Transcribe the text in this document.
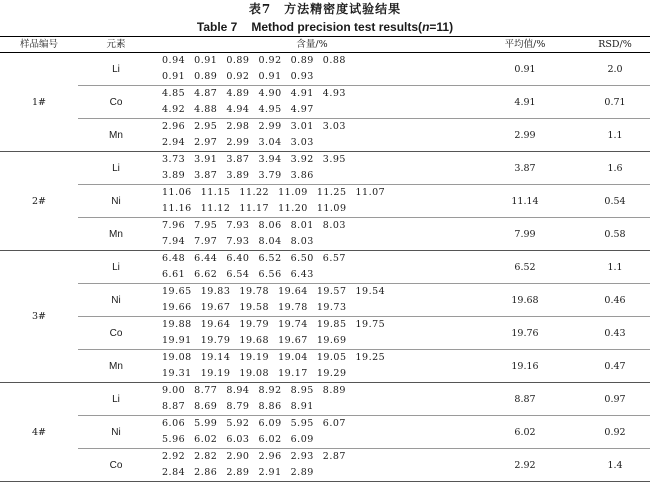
表7　方法精密度试验结果
Table 7 Method precision test results(n=11)
样品编号	元素	含量/%	平均值/%	RSD/%
1#	Li	0.94 0.91 0.89 0.92 0.89 0.88
0.91 0.89 0.92 0.91 0.93	0.91	2.0
	Co	4.85 4.87 4.89 4.90 4.91 4.93
4.92 4.88 4.94 4.95 4.97	4.91	0.71
	Mn	2.96 2.95 2.98 2.99 3.01 3.03
2.94 2.97 2.99 3.04 3.03	2.99	1.1
2#	Li	3.73 3.91 3.87 3.94 3.92 3.95
3.89 3.87 3.89 3.79 3.86	3.87	1.6
	Ni	11.06 11.15 11.22 11.09 11.25 11.07
11.16 11.12 11.17 11.20 11.09	11.14	0.54
	Mn	7.96 7.95 7.93 8.06 8.01 8.03
7.94 7.97 7.93 8.04 8.03	7.99	0.58
3#	Li	6.48 6.44 6.40 6.52 6.50 6.57
6.61 6.62 6.54 6.56 6.43	6.52	1.1
	Ni	19.65 19.83 19.78 19.64 19.57 19.54
19.66 19.67 19.58 19.78 19.73	19.68	0.46
	Co	19.88 19.64 19.79 19.74 19.85 19.75
19.91 19.79 19.68 19.67 19.69	19.76	0.43
	Mn	19.08 19.14 19.19 19.04 19.05 19.25
19.31 19.19 19.08 19.17 19.29	19.16	0.47
4#	Li	9.00 8.77 8.94 8.92 8.95 8.89
8.87 8.69 8.79 8.86 8.91	8.87	0.97
	Ni	6.06 5.99 5.92 6.09 5.95 6.07
5.96 6.02 6.03 6.02 6.09	6.02	0.92
	Co	2.92 2.82 2.90 2.96 2.93 2.87
2.84 2.86 2.89 2.91 2.89	2.92	1.4
